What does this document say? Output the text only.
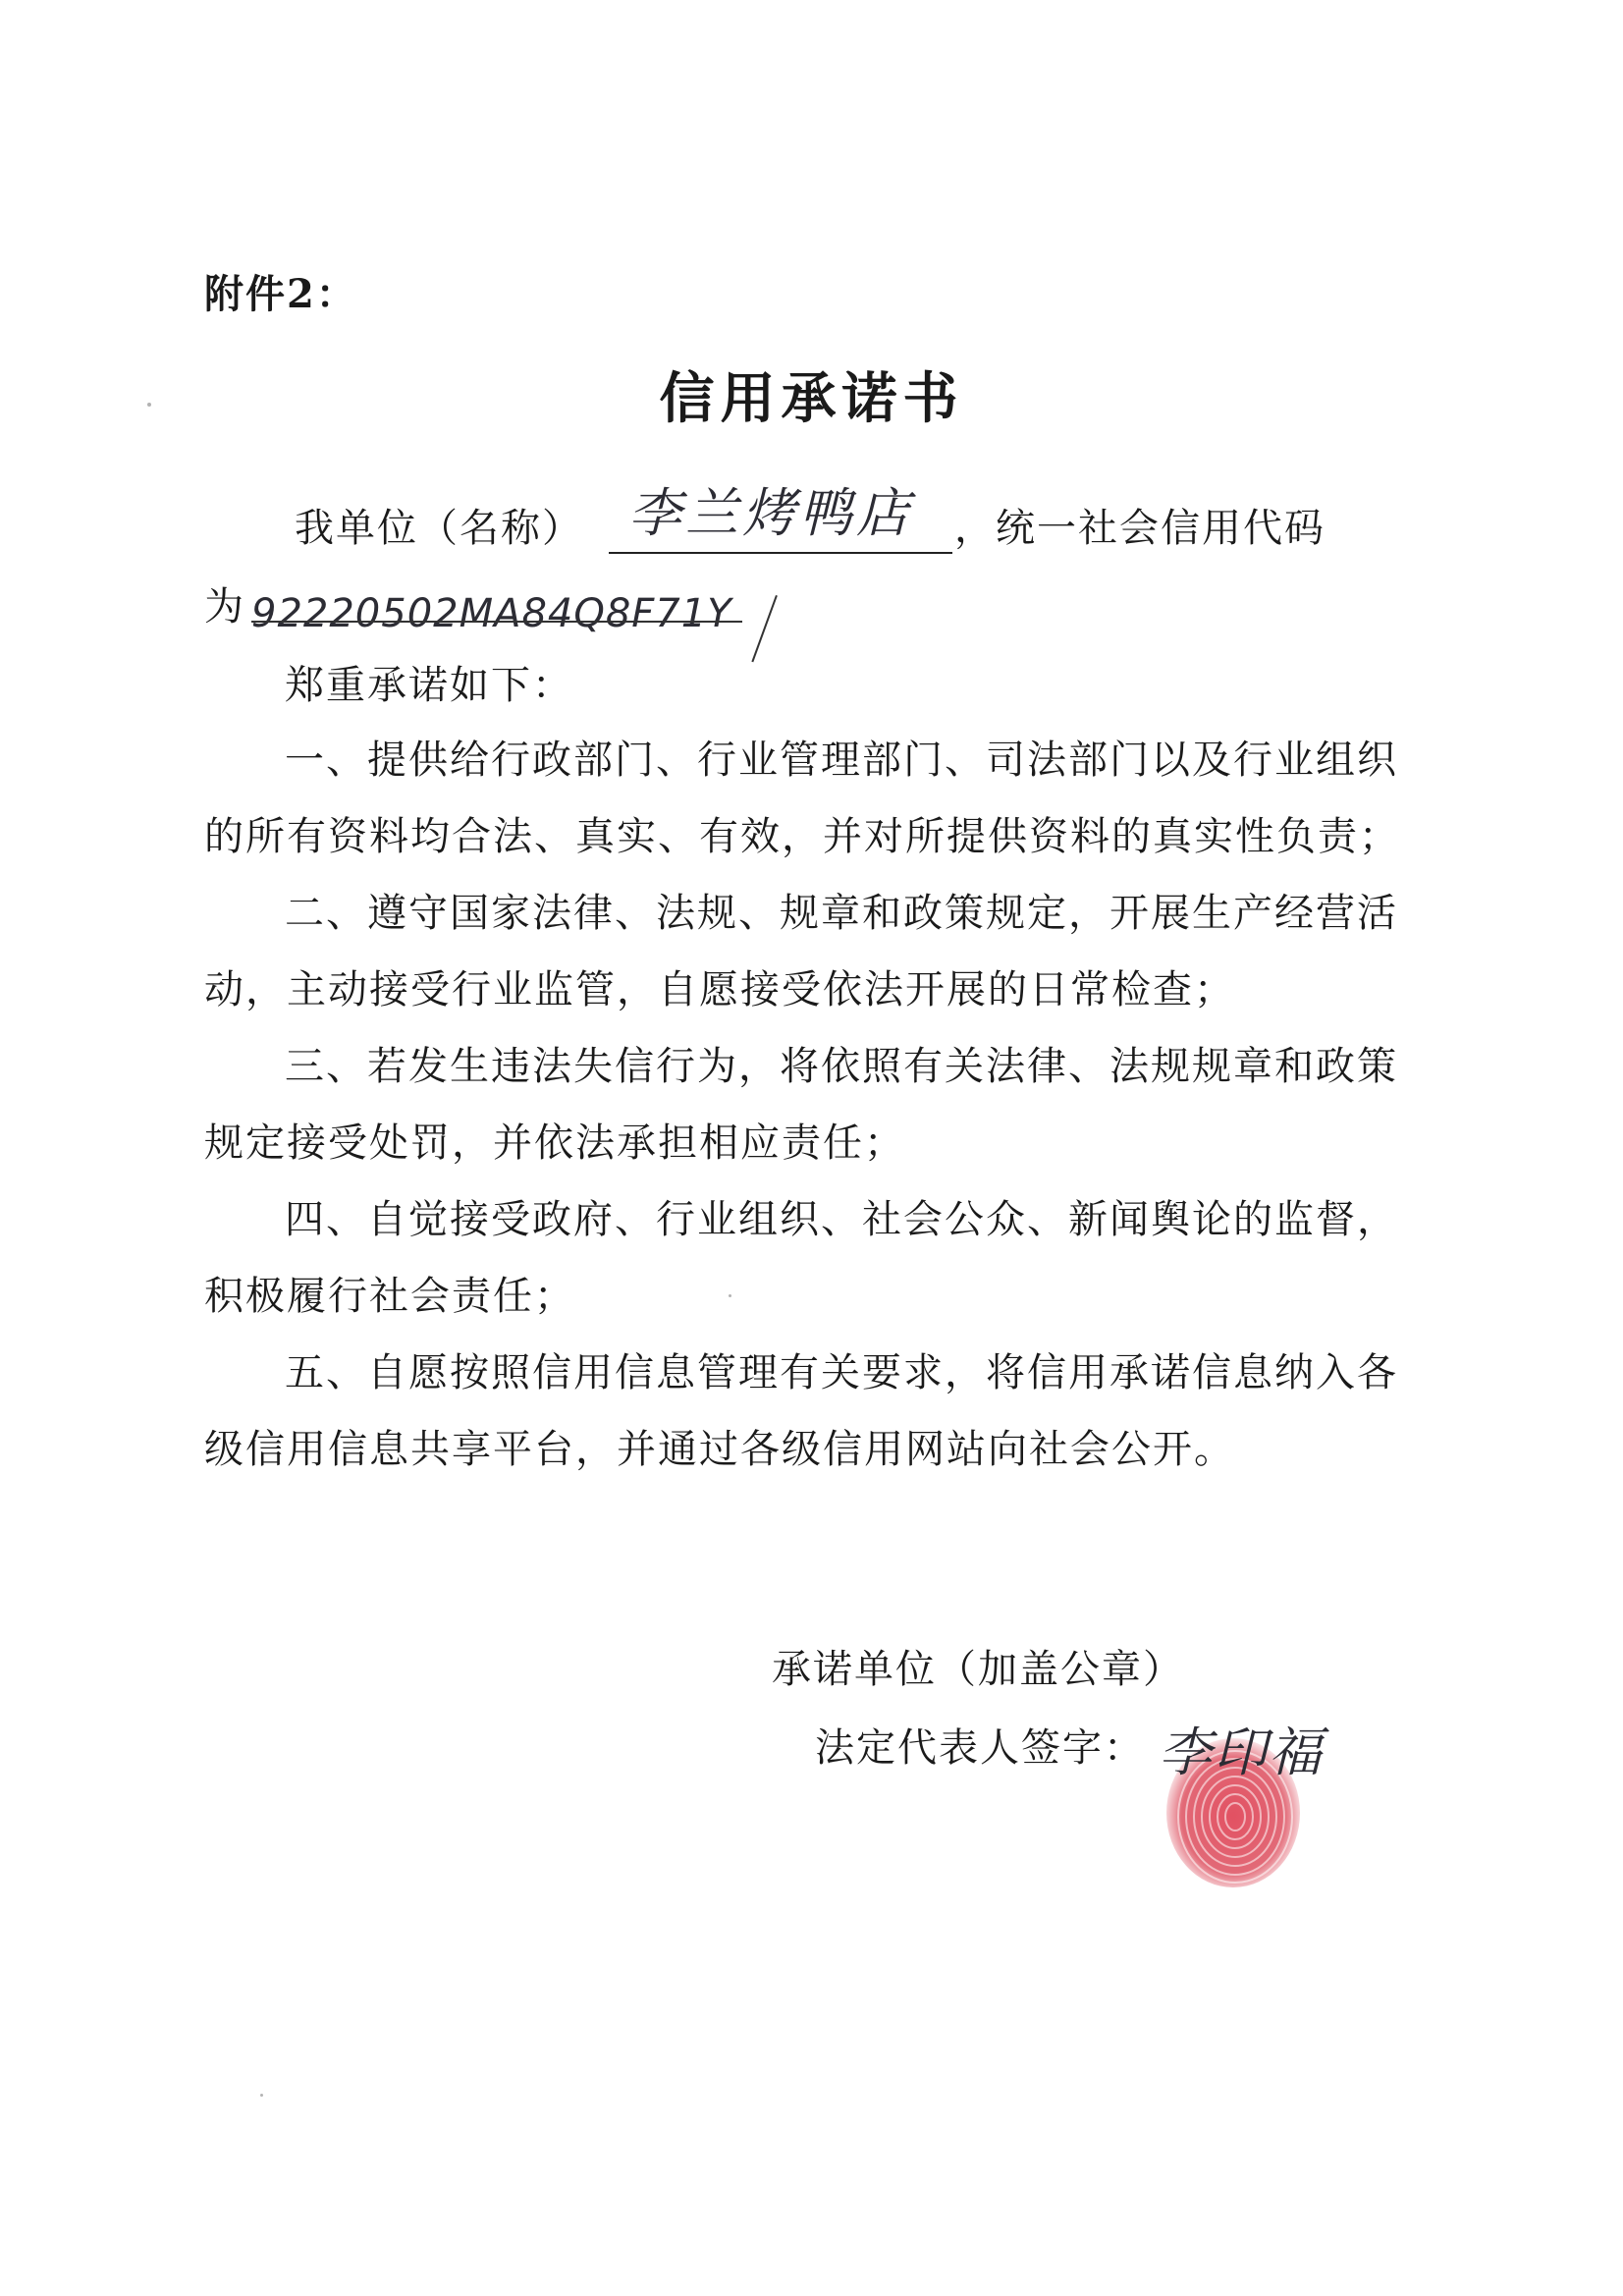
附件2：
信用承诺书
我单位（名称） 李兰烤鸭店 ，统一社会信用代码
为 92220502MA84Q8F71Y
郑重承诺如下：
一、提供给行政部门、行业管理部门、司法部门以及行业组织
的所有资料均合法、真实、有效，并对所提供资料的真实性负责；
二、遵守国家法律、法规、规章和政策规定，开展生产经营活
动，主动接受行业监管，自愿接受依法开展的日常检查；
三、若发生违法失信行为，将依照有关法律、法规规章和政策
规定接受处罚，并依法承担相应责任；
四、自觉接受政府、行业组织、社会公众、新闻舆论的监督，
积极履行社会责任；
五、自愿按照信用信息管理有关要求，将信用承诺信息纳入各
级信用信息共享平台，并通过各级信用网站向社会公开。
承诺单位（加盖公章）
法定代表人签字： 李印福
